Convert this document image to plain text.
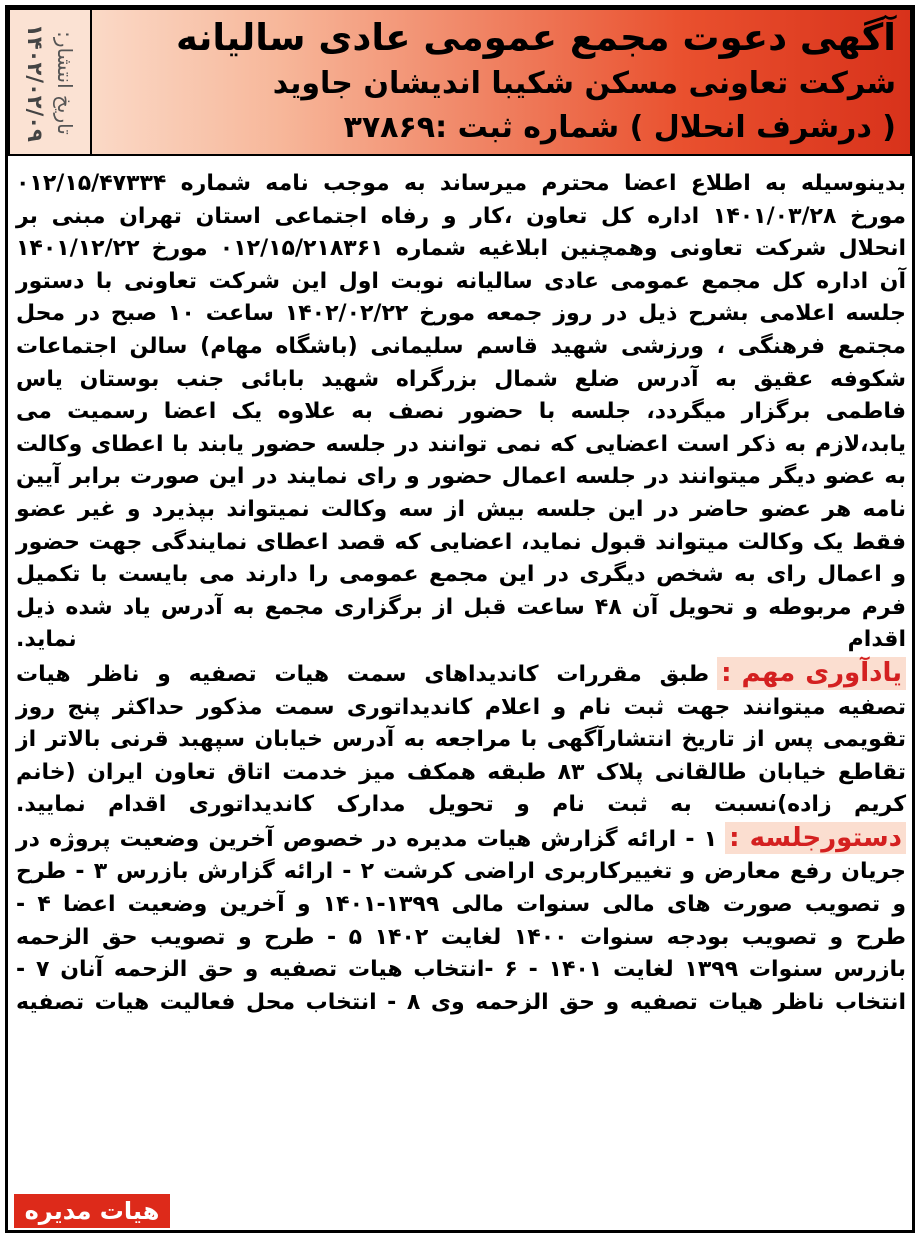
تاریخ انتشار:
۱۴۰۲/۰۲/۰۹	آگهی دعوت مجمع عمومی عادی سالیانه
شرکت تعاونی مسکن شکیبا اندیشان جاوید
( درشرف انحلال ) شماره ثبت :۳۷۸۶۹

بدینوسیله به اطلاع اعضا محترم میرساند به موجب نامه شماره ۰۱۲/۱۵/۴۷۳۳۴ مورخ ۱۴۰۱/۰۳/۲۸ اداره کل تعاون ،کار و رفاه اجتماعی استان تهران مبنی بر انحلال شرکت تعاونی وهمچنین ابلاغیه شماره ۰۱۲/۱۵/۲۱۸۳۶۱ مورخ ۱۴۰۱/۱۲/۲۲ آن اداره کل مجمع عمومی عادی سالیانه نوبت اول این شرکت تعاونی با دستور جلسه اعلامی بشرح ذیل در روز جمعه مورخ ۱۴۰۲/۰۲/۲۲ ساعت ۱۰ صبح در محل مجتمع فرهنگی ، ورزشی شهید قاسم سلیمانی (باشگاه مهام) سالن اجتماعات شکوفه عقیق به آدرس ضلع شمال بزرگراه شهید بابائی جنب بوستان یاس فاطمی برگزار میگردد، جلسه با حضور نصف به علاوه یک اعضا رسمیت می یابد،لازم به ذکر است اعضایی که نمی توانند در جلسه حضور یابند با اعطای وکالت به عضو دیگر میتوانند در جلسه اعمال حضور و رای نمایند در این صورت برابر آیین نامه هر عضو حاضر در این جلسه بیش از سه وکالت نمیتواند بپذیرد و غیر عضو فقط یک وکالت میتواند قبول نماید، اعضایی که قصد اعطای نمایندگی جهت حضور و اعمال رای به شخص دیگری در این مجمع عمومی را دارند می بایست با تکمیل فرم مربوطه و تحویل آن ۴۸ ساعت قبل از برگزاری مجمع به آدرس یاد شده ذیل اقدام نماید.

یادآوری مهم :طبق مقررات کاندیداهای سمت هیات تصفیه و ناظر هیات تصفیه میتوانند جهت ثبت نام و اعلام کاندیداتوری سمت مذکور حداکثر پنج روز تقویمی پس از تاریخ انتشارآگهی با مراجعه به آدرس خیابان سپهبد قرنی بالاتر از تقاطع خیابان طالقانی پلاک ۸۳ طبقه همکف میز خدمت اتاق تعاون ایران (خانم کریم زاده)نسبت به ثبت نام و تحویل مدارک کاندیداتوری اقدام نمایید.

دستورجلسه :۱ - ارائه گزارش هیات مدیره در خصوص آخرین وضعیت پروژه در جریان رفع معارض و تغییرکاربری اراضی کرشت ۲ - ارائه گزارش بازرس ۳ - طرح و تصویب صورت های مالی سنوات مالی ۱۳۹۹-۱۴۰۱ و آخرین وضعیت اعضا ۴ - طرح و تصویب بودجه سنوات ۱۴۰۰ لغایت ۱۴۰۲ ۵ - طرح و تصویب حق الزحمه بازرس سنوات ۱۳۹۹ لغایت ۱۴۰۱ - ۶ -انتخاب هیات تصفیه و حق الزحمه آنان ۷ - انتخاب ناظر هیات تصفیه و حق الزحمه وی ۸ - انتخاب محل فعالیت هیات تصفیه

هیات مدیره
